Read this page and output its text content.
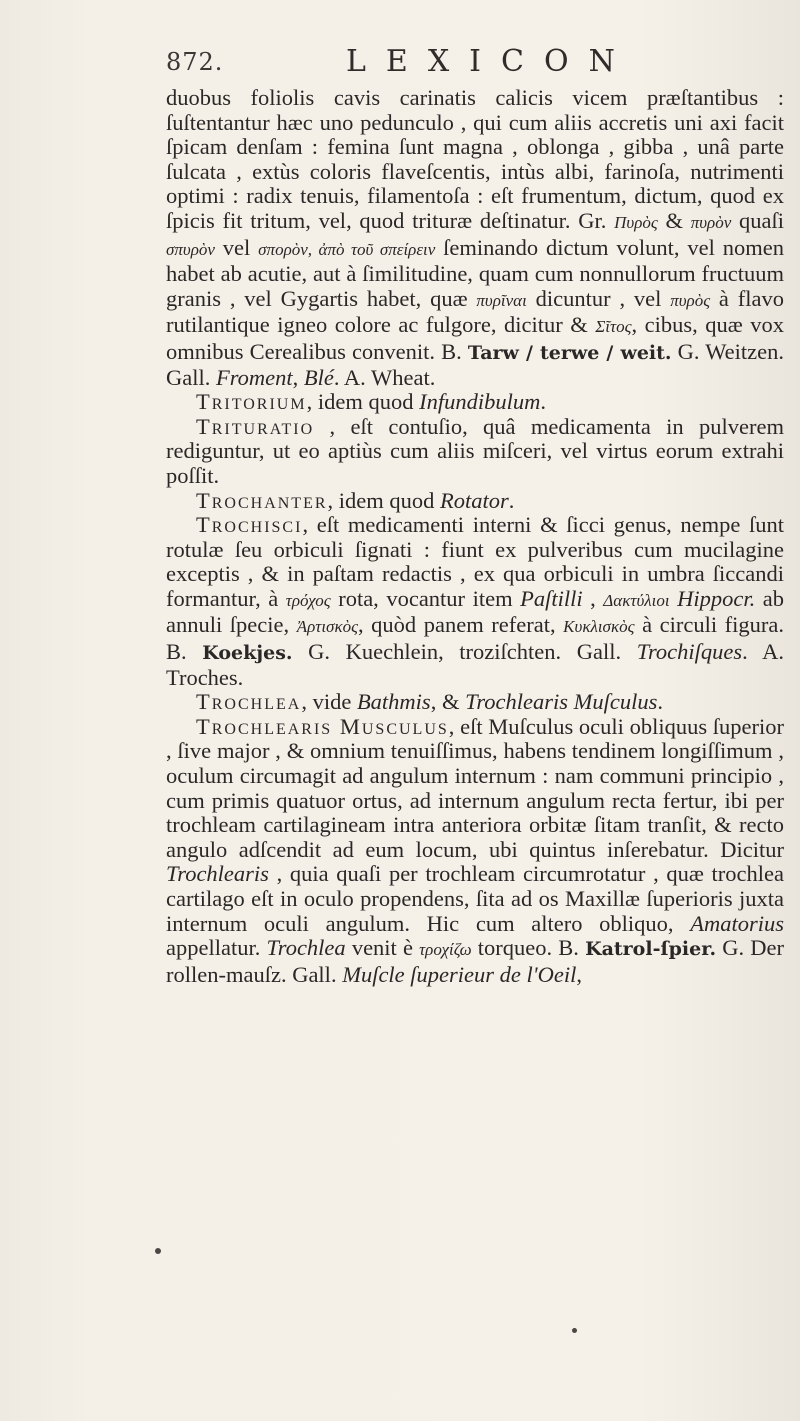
872.	LEXICON

duobus foliolis cavis carinatis calicis vicem præſtantibus : ſuſtentantur hæc uno pedunculo , qui cum aliis accretis uni axi facit ſpicam denſam : femina ſunt magna , oblonga , gibba , unâ parte ſulcata , extùs coloris flaveſcentis, intùs albi, farinoſa, nutrimenti optimi : radix tenuis, filamentoſa : eſt frumentum, dictum, quod ex ſpicis fit tritum, vel, quod trituræ deſtinatur. Gr. Πυρὸς & πυρὸν quaſi σπυρὸν vel σπορὸν, ἀπὸ τοῦ σπείρειν ſeminando dictum volunt, vel nomen habet ab acutie, aut à ſimilitudine, quam cum nonnullorum fructuum granis , vel Gygartis habet, quæ πυρῖναι dicuntur , vel πυρὸς à flavo rutilantique igneo colore ac fulgore, dicitur & Σῖτος, cibus, quæ vox omnibus Cerealibus convenit. B. Tarw / terwe / weit. G. Weitzen. Gall. Froment, Blé. A. Wheat.

Tritorium, idem quod Infundibulum.

Trituratio , eſt contuſio, quâ medicamenta in pulverem rediguntur, ut eo aptiùs cum aliis miſceri, vel virtus eorum extrahi poſſit.

Trochanter, idem quod Rotator.

Trochisci, eſt medicamenti interni & ſicci genus, nempe ſunt rotulæ ſeu orbiculi ſignati : fiunt ex pulveribus cum mucilagine exceptis , & in paſtam redactis , ex qua orbiculi in umbra ſiccandi formantur, à τρόχος rota, vocantur item Paſtilli , Δακτύλιοι Hippocr. ab annuli ſpecie, Ἀρτισκὸς, quòd panem referat, Κυκλισκὸς à circuli figura. B. Koekjes. G. Kuechlein, troziſchten. Gall. Trochiſques. A. Troches.

Trochlea, vide Bathmis, & Trochlearis Muſculus.

Trochlearis Musculus, eſt Muſculus oculi obliquus ſuperior , ſive major , & omnium tenuiſſimus, habens tendinem longiſſimum , oculum circumagit ad angulum internum : nam communi principio , cum primis quatuor ortus, ad internum angulum recta fertur, ibi per trochleam cartilagineam intra anteriora orbitæ ſitam tranſit, & recto angulo adſcendit ad eum locum, ubi quintus inſerebatur. Dicitur Trochlearis , quia quaſi per trochleam circumrotatur , quæ trochlea cartilago eſt in oculo propendens, ſita ad os Maxillæ ſuperioris juxta internum oculi angulum. Hic cum altero obliquo, Amatorius appellatur. Trochlea venit è τροχίζω torqueo. B. Katrol-ſpier. G. Der rollen-mauſz. Gall. Muſcle ſuperieur de l'Oeil,
